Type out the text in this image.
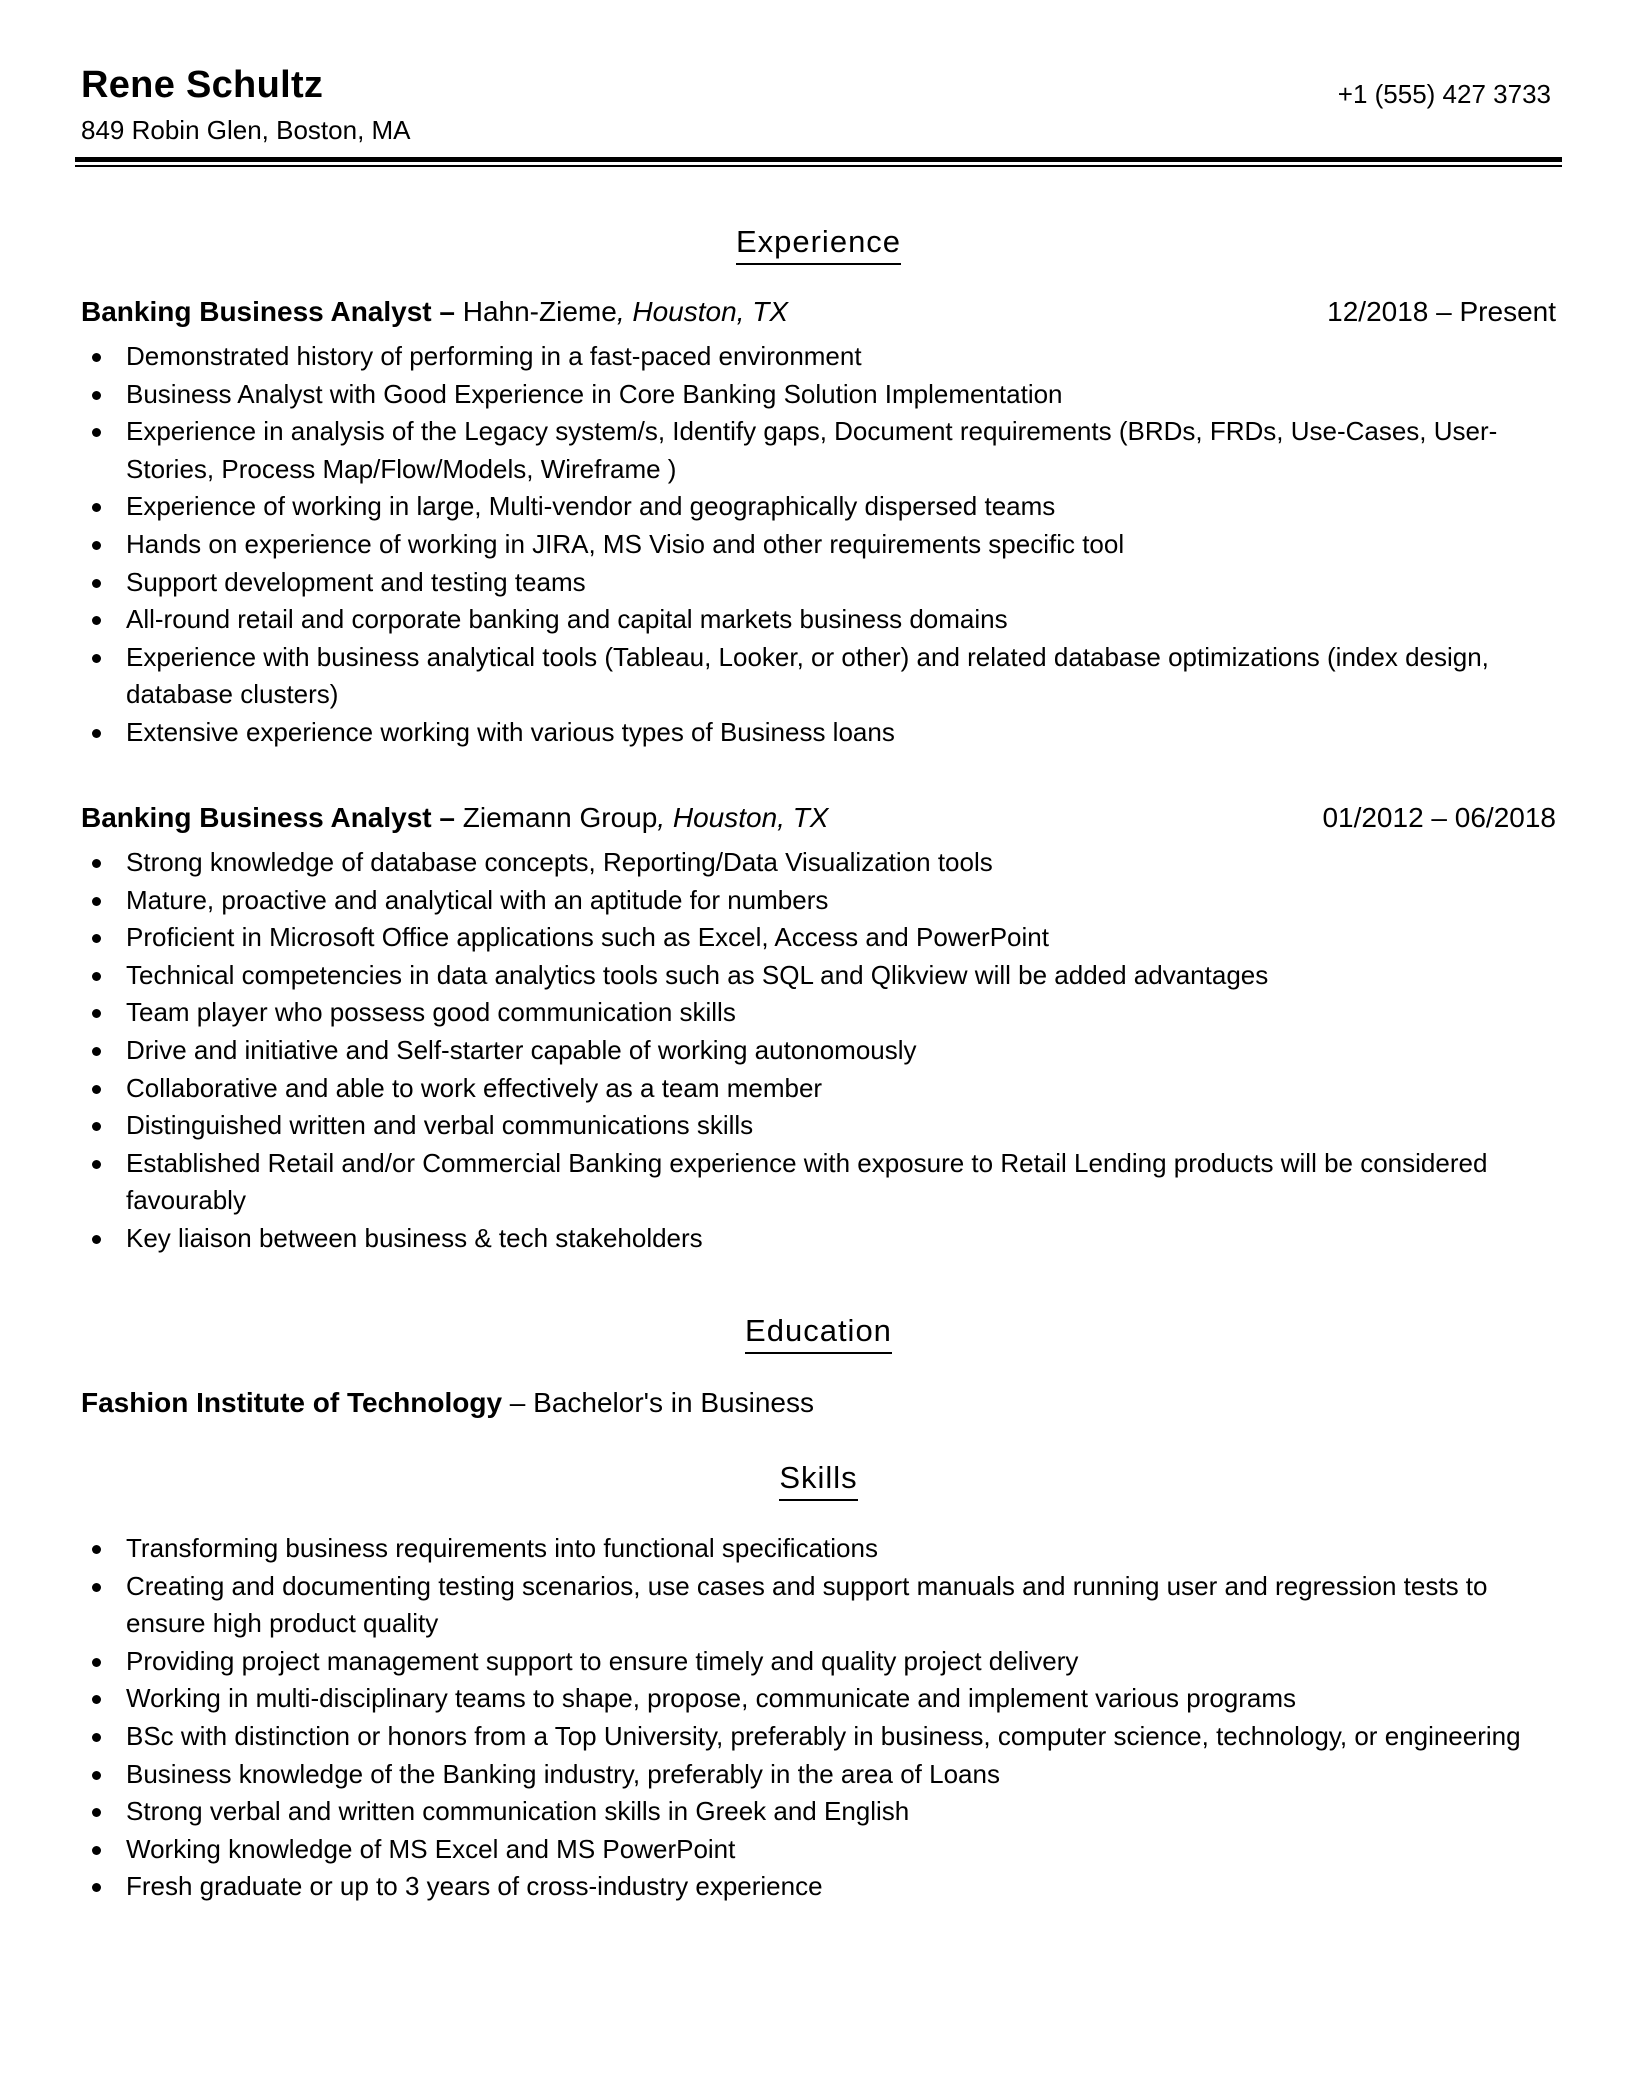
Rene Schultz
849 Robin Glen, Boston, MA
+1 (555) 427 3733
Experience
Banking Business Analyst – Hahn-Zieme, Houston, TX	12/2018 – Present
Demonstrated history of performing in a fast-paced environment
Business Analyst with Good Experience in Core Banking Solution Implementation
Experience in analysis of the Legacy system/s, Identify gaps, Document requirements (BRDs, FRDs, Use-Cases, User-Stories, Process Map/Flow/Models, Wireframe )
Experience of working in large, Multi-vendor and geographically dispersed teams
Hands on experience of working in JIRA, MS Visio and other requirements specific tool
Support development and testing teams
All-round retail and corporate banking and capital markets business domains
Experience with business analytical tools (Tableau, Looker, or other) and related database optimizations (index design, database clusters)
Extensive experience working with various types of Business loans
Banking Business Analyst – Ziemann Group, Houston, TX	01/2012 – 06/2018
Strong knowledge of database concepts, Reporting/Data Visualization tools
Mature, proactive and analytical with an aptitude for numbers
Proficient in Microsoft Office applications such as Excel, Access and PowerPoint
Technical competencies in data analytics tools such as SQL and Qlikview will be added advantages
Team player who possess good communication skills
Drive and initiative and Self-starter capable of working autonomously
Collaborative and able to work effectively as a team member
Distinguished written and verbal communications skills
Established Retail and/or Commercial Banking experience with exposure to Retail Lending products will be considered favourably
Key liaison between business & tech stakeholders
Education
Fashion Institute of Technology – Bachelor's in Business
Skills
Transforming business requirements into functional specifications
Creating and documenting testing scenarios, use cases and support manuals and running user and regression tests to ensure high product quality
Providing project management support to ensure timely and quality project delivery
Working in multi-disciplinary teams to shape, propose, communicate and implement various programs
BSc with distinction or honors from a Top University, preferably in business, computer science, technology, or engineering
Business knowledge of the Banking industry, preferably in the area of Loans
Strong verbal and written communication skills in Greek and English
Working knowledge of MS Excel and MS PowerPoint
Fresh graduate or up to 3 years of cross-industry experience
